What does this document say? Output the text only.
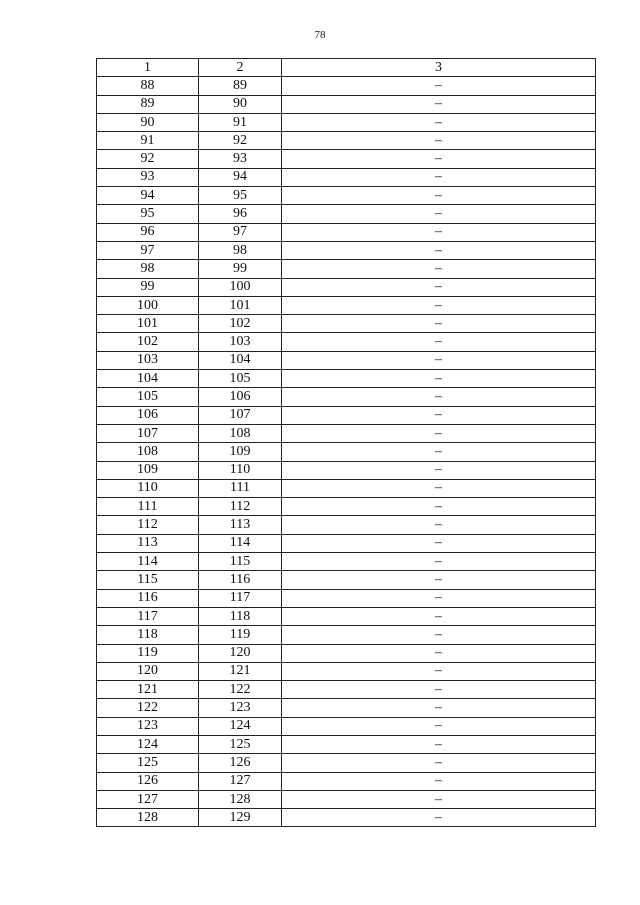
78
1	2	3
88	89	–
89	90	–
90	91	–
91	92	–
92	93	–
93	94	–
94	95	–
95	96	–
96	97	–
97	98	–
98	99	–
99	100	–
100	101	–
101	102	–
102	103	–
103	104	–
104	105	–
105	106	–
106	107	–
107	108	–
108	109	–
109	110	–
110	111	–
111	112	–
112	113	–
113	114	–
114	115	–
115	116	–
116	117	–
117	118	–
118	119	–
119	120	–
120	121	–
121	122	–
122	123	–
123	124	–
124	125	–
125	126	–
126	127	–
127	128	–
128	129	–
